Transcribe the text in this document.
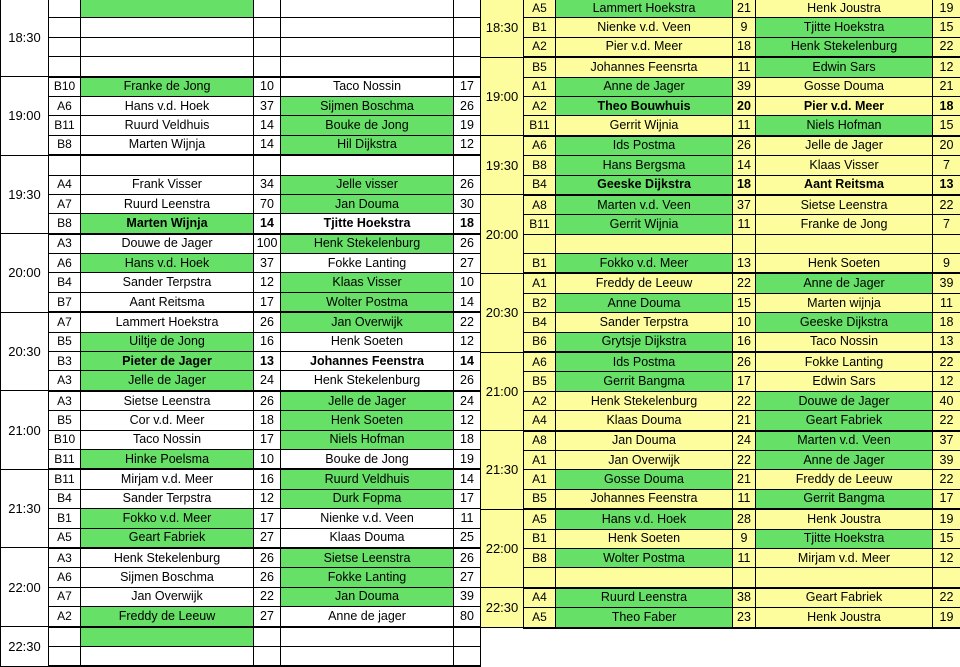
18:30					

19:00	B10	Franke de Jong	10	Taco Nossin	17
	A6	Hans v.d. Hoek	37	Sijmen Boschma	26
	B11	Ruurd Veldhuis	14	Bouke de Jong	19
	B8	Marten Wijnja	14	Hil Dijkstra	12
19:30					
	A4	Frank Visser	34	Jelle visser	26
	A7	Ruurd Leenstra	70	Jan Douma	30
	B8	Marten Wijnja	14	Tjitte Hoekstra	18
20:00	A3	Douwe de Jager	100	Henk Stekelenburg	26
	A6	Hans v.d. Hoek	37	Fokke Lanting	27
	B4	Sander Terpstra	12	Klaas Visser	10
	B7	Aant Reitsma	17	Wolter Postma	14
20:30	A7	Lammert Hoekstra	26	Jan Overwijk	22
	B5	Uiltje de Jong	16	Henk Soeten	12
	B3	Pieter de Jager	13	Johannes Feenstra	14
	A3	Jelle de Jager	24	Henk Stekelenburg	26
21:00	A3	Sietse Leenstra	26	Jelle de Jager	24
	B5	Cor v.d. Meer	18	Henk Soeten	12
	B10	Taco Nossin	17	Niels Hofman	18
	B11	Hinke Poelsma	10	Bouke de Jong	19
21:30	B11	Mirjam v.d. Meer	16	Ruurd Veldhuis	14
	B4	Sander Terpstra	12	Durk Fopma	17
	B1	Fokko v.d. Meer	17	Nienke v.d. Veen	11
	A5	Geart Fabriek	27	Klaas Douma	25
22:00	A3	Henk Stekelenburg	26	Sietse Leenstra	26
	A6	Sijmen Boschma	26	Fokke Lanting	27
	A7	Jan Overwijk	22	Jan Douma	39
	A2	Freddy de Leeuw	27	Anne de jager	80
22:30					

18:30	A5	Lammert Hoekstra	21	Henk Joustra	19
	B1	Nienke v.d. Veen	9	Tjitte Hoekstra	15
	A2	Pier v.d. Meer	18	Henk Stekelenburg	22
19:00	B5	Johannes Feensrta	11	Edwin Sars	12
	A1	Anne de Jager	39	Gosse Douma	21
	A2	Theo Bouwhuis	20	Pier v.d. Meer	18
	B11	Gerrit Wijnia	11	Niels Hofman	15
19:30	A6	Ids Postma	26	Jelle de Jager	20
	B8	Hans Bergsma	14	Klaas Visser	7
	B4	Geeske Dijkstra	18	Aant Reitsma	13
20:00	A8	Marten v.d. Veen	37	Sietse Leenstra	22
	B11	Gerrit Wijnia	11	Franke de Jong	7

	B1	Fokko v.d. Meer	13	Henk Soeten	9
20:30	A1	Freddy de Leeuw	22	Anne de Jager	39
	B2	Anne Douma	15	Marten wijnja	11
	B4	Sander Terpstra	10	Geeske Dijkstra	18
	B6	Grytsje Dijkstra	16	Taco Nossin	13
21:00	A6	Ids Postma	26	Fokke Lanting	22
	B5	Gerrit Bangma	17	Edwin Sars	12
	A2	Henk Stekelenburg	22	Douwe de Jager	40
	A4	Klaas Douma	21	Geart Fabriek	22
21:30	A8	Jan Douma	24	Marten v.d. Veen	37
	A1	Jan Overwijk	22	Anne de Jager	39
	A1	Gosse Douma	21	Freddy de Leeuw	22
	B5	Johannes Feenstra	11	Gerrit Bangma	17
22:00	A5	Hans v.d. Hoek	28	Henk Joustra	19
	B1	Henk Soeten	9	Tjitte Hoekstra	15
	B8	Wolter Postma	11	Mirjam v.d. Meer	12

22:30	A4	Ruurd Leenstra	38	Geart Fabriek	22
	A5	Theo Faber	23	Henk Joustra	19
